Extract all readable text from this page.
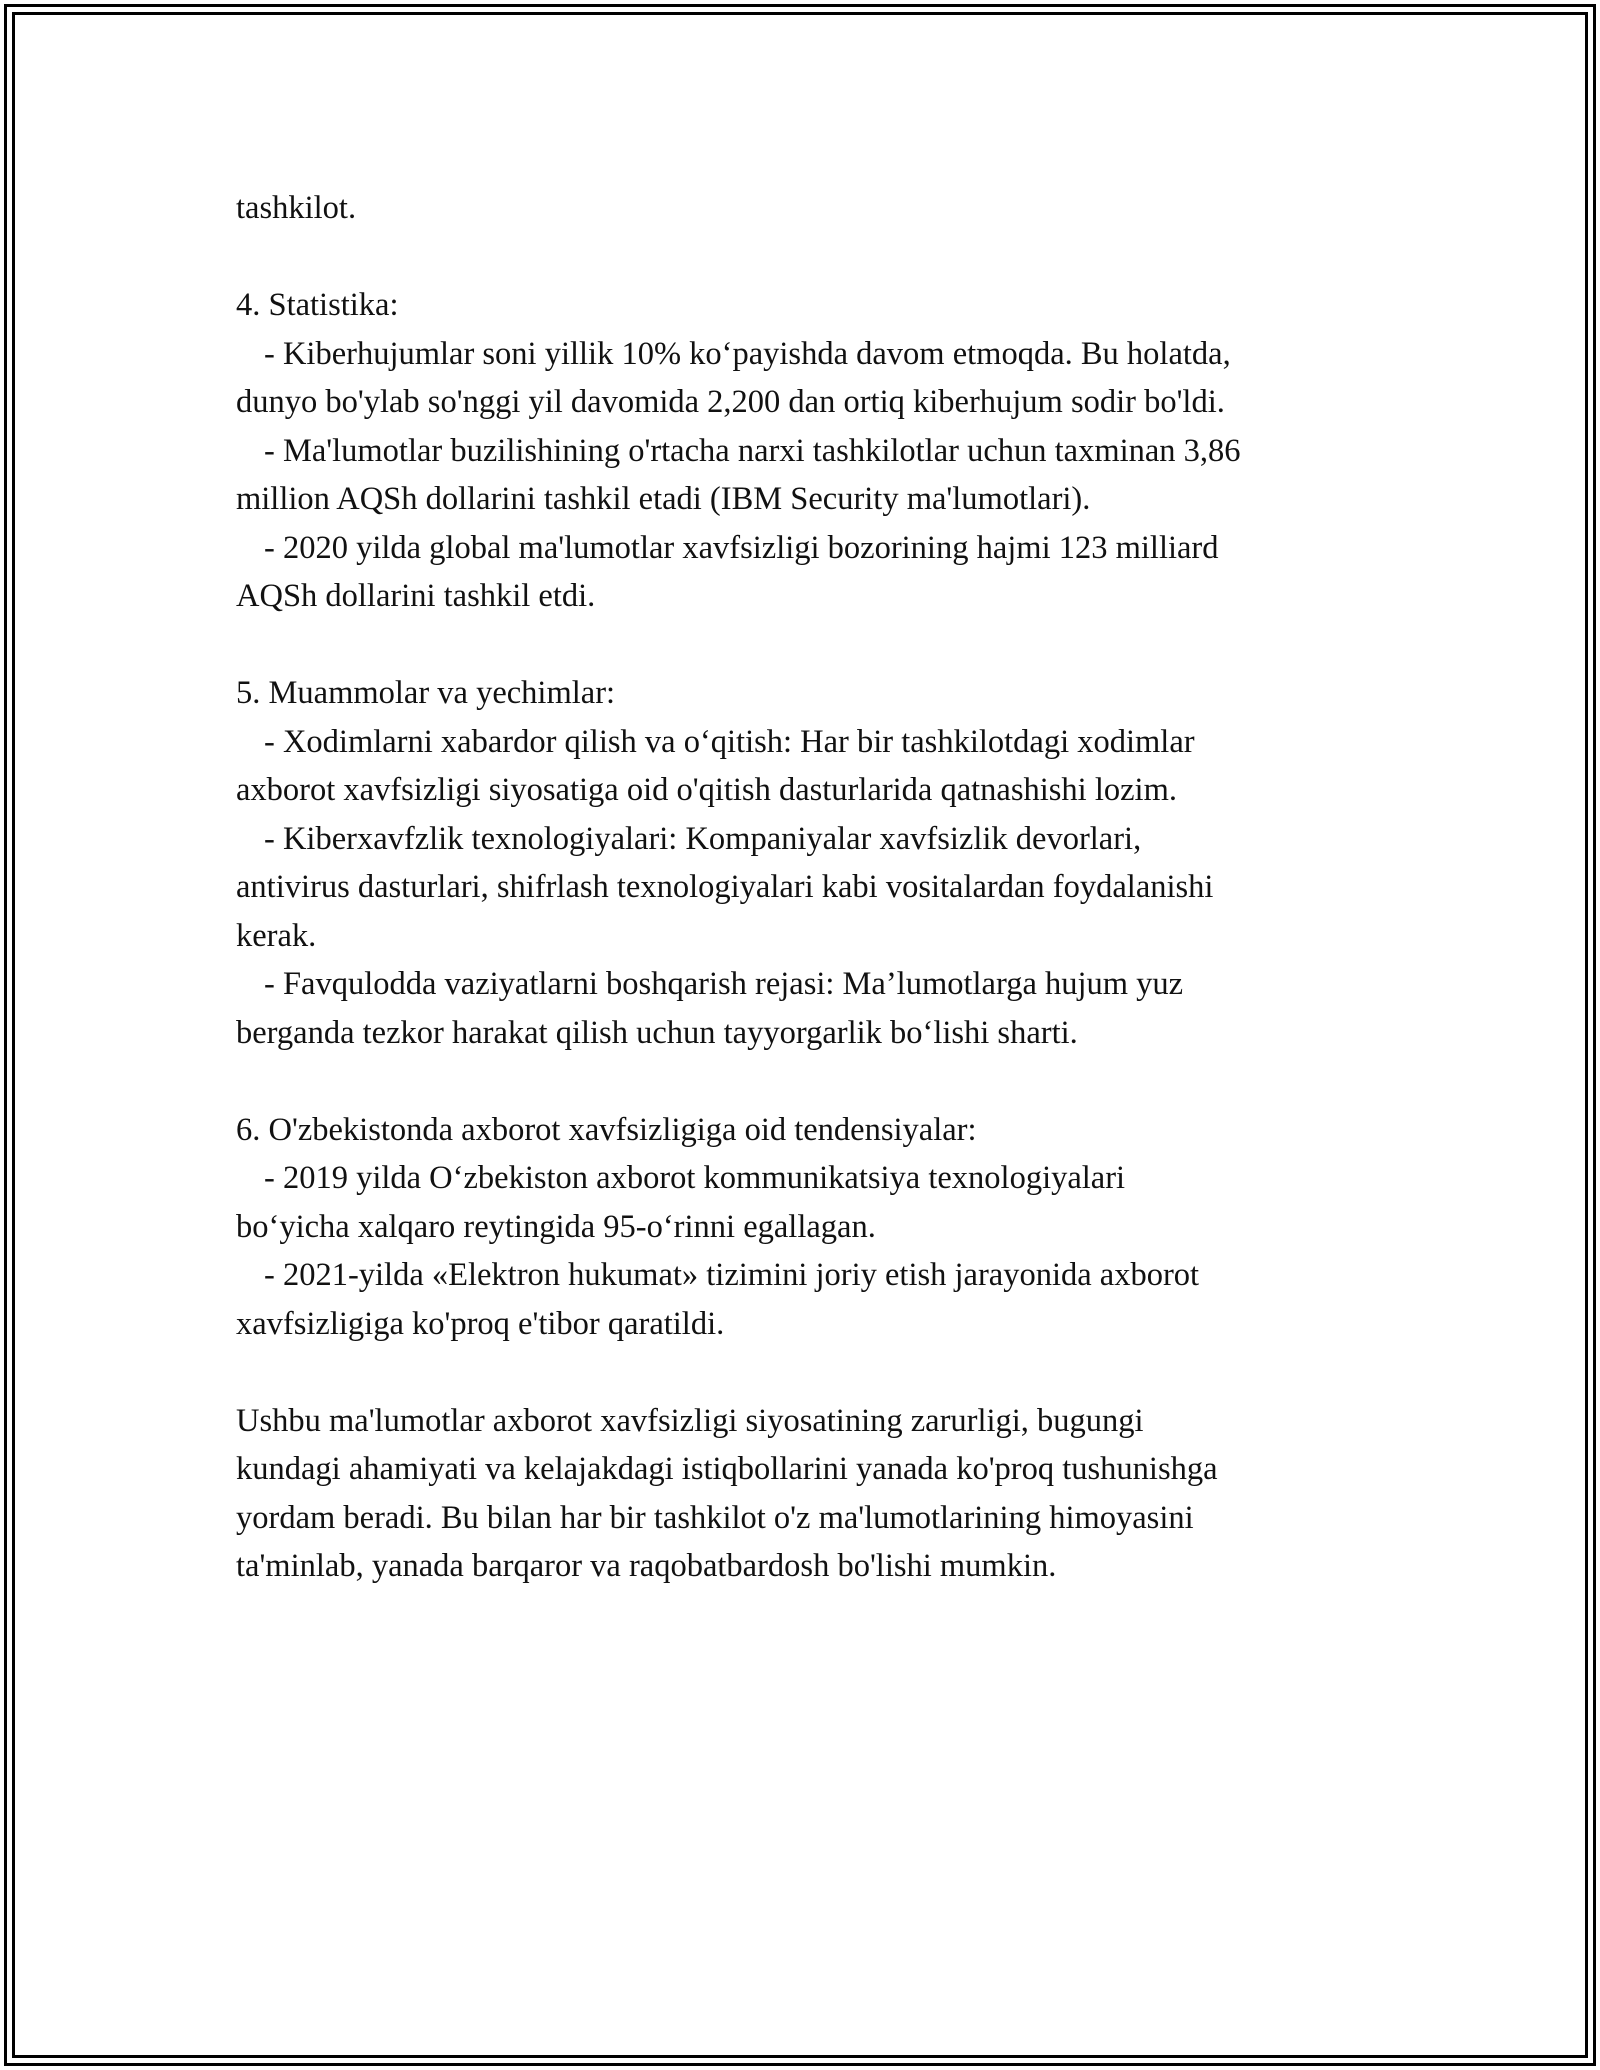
tashkilot.
4. Statistika:
- Kiberhujumlar soni yillik 10% ko‘payishda davom etmoqda. Bu holatda,
dunyo bo'ylab so'nggi yil davomida 2,200 dan ortiq kiberhujum sodir bo'ldi.
- Ma'lumotlar buzilishining o'rtacha narxi tashkilotlar uchun taxminan 3,86
million AQSh dollarini tashkil etadi (IBM Security ma'lumotlari).
- 2020 yilda global ma'lumotlar xavfsizligi bozorining hajmi 123 milliard
AQSh dollarini tashkil etdi.
5. Muammolar va yechimlar:
- Xodimlarni xabardor qilish va o‘qitish: Har bir tashkilotdagi xodimlar
axborot xavfsizligi siyosatiga oid o'qitish dasturlarida qatnashishi lozim.
- Kiberxavfzlik texnologiyalari: Kompaniyalar xavfsizlik devorlari,
antivirus dasturlari, shifrlash texnologiyalari kabi vositalardan foydalanishi
kerak.
- Favqulodda vaziyatlarni boshqarish rejasi: Ma’lumotlarga hujum yuz
berganda tezkor harakat qilish uchun tayyorgarlik bo‘lishi sharti.
6. O'zbekistonda axborot xavfsizligiga oid tendensiyalar:
- 2019 yilda O‘zbekiston axborot kommunikatsiya texnologiyalari
bo‘yicha xalqaro reytingida 95-o‘rinni egallagan.
- 2021-yilda «Elektron hukumat» tizimini joriy etish jarayonida axborot
xavfsizligiga ko'proq e'tibor qaratildi.
Ushbu ma'lumotlar axborot xavfsizligi siyosatining zarurligi, bugungi
kundagi ahamiyati va kelajakdagi istiqbollarini yanada ko'proq tushunishga
yordam beradi. Bu bilan har bir tashkilot o'z ma'lumotlarining himoyasini
ta'minlab, yanada barqaror va raqobatbardosh bo'lishi mumkin.
